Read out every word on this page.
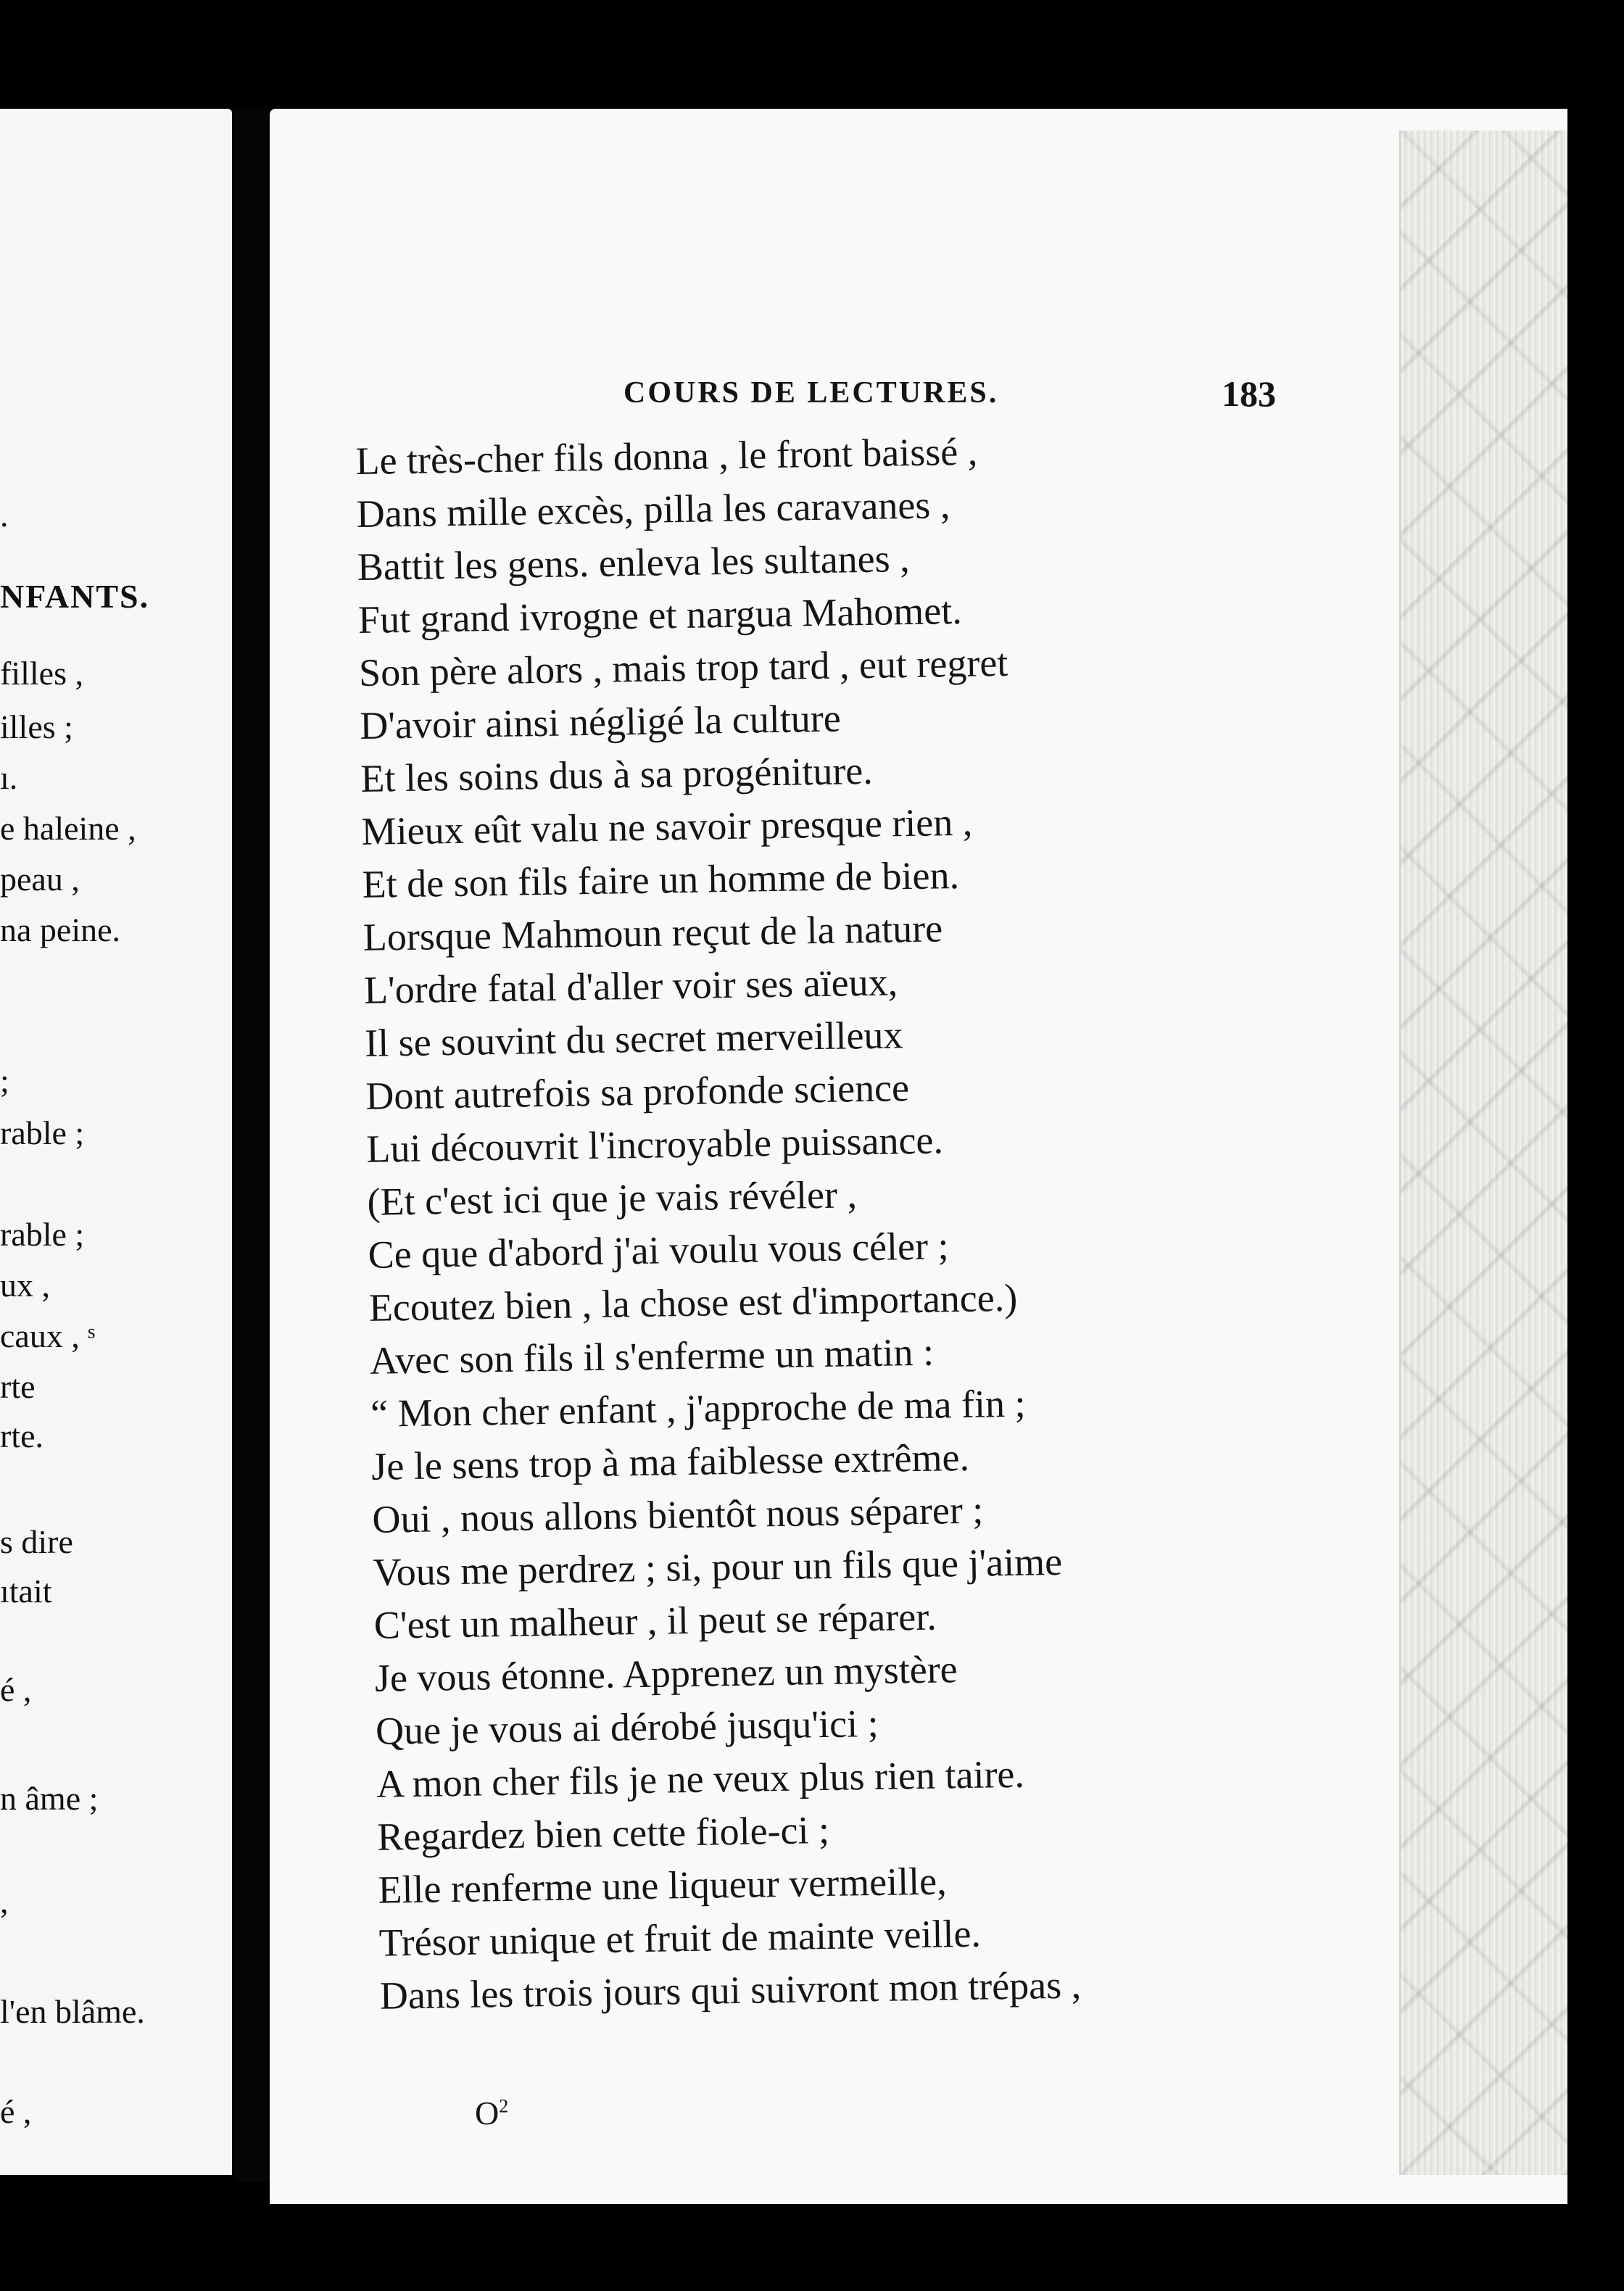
.
NFANTS.
filles ,
illes ;
ı.
e haleine ,
peau ,
na peine.
;
rable ;
rable ;
ux ,
caux , ˢ
rte
rte.
s dire
ıtait
é ,
n âme ;
,
l'en blâme.
é ,
COURS DE LECTURES.	183
Le très-cher fils donna , le front baissé ,
Dans mille excès, pilla les caravanes ,
Battit les gens. enleva les sultanes ,
Fut grand ivrogne et nargua Mahomet.
Son père alors , mais trop tard , eut regret
D'avoir ainsi négligé la culture
Et les soins dus à sa progéniture.
Mieux eût valu ne savoir presque rien ,
Et de son fils faire un homme de bien.
Lorsque Mahmoun reçut de la nature
L'ordre fatal d'aller voir ses aïeux,
Il se souvint du secret merveilleux
Dont autrefois sa profonde science
Lui découvrit l'incroyable puissance.
(Et c'est ici que je vais révéler ,
Ce que d'abord j'ai voulu vous céler ;
Ecoutez bien , la chose est d'importance.)
Avec son fils il s'enferme un matin :
“ Mon cher enfant , j'approche de ma fin ;
Je le sens trop à ma faiblesse extrême.
Oui , nous allons bientôt nous séparer ;
Vous me perdrez ; si, pour un fils que j'aime
C'est un malheur , il peut se réparer.
Je vous étonne. Apprenez un mystère
Que je vous ai dérobé jusqu'ici ;
A mon cher fils je ne veux plus rien taire.
Regardez bien cette fiole-ci ;
Elle renferme une liqueur vermeille,
Trésor unique et fruit de mainte veille.
Dans les trois jours qui suivront mon trépas ,
$O^2$
